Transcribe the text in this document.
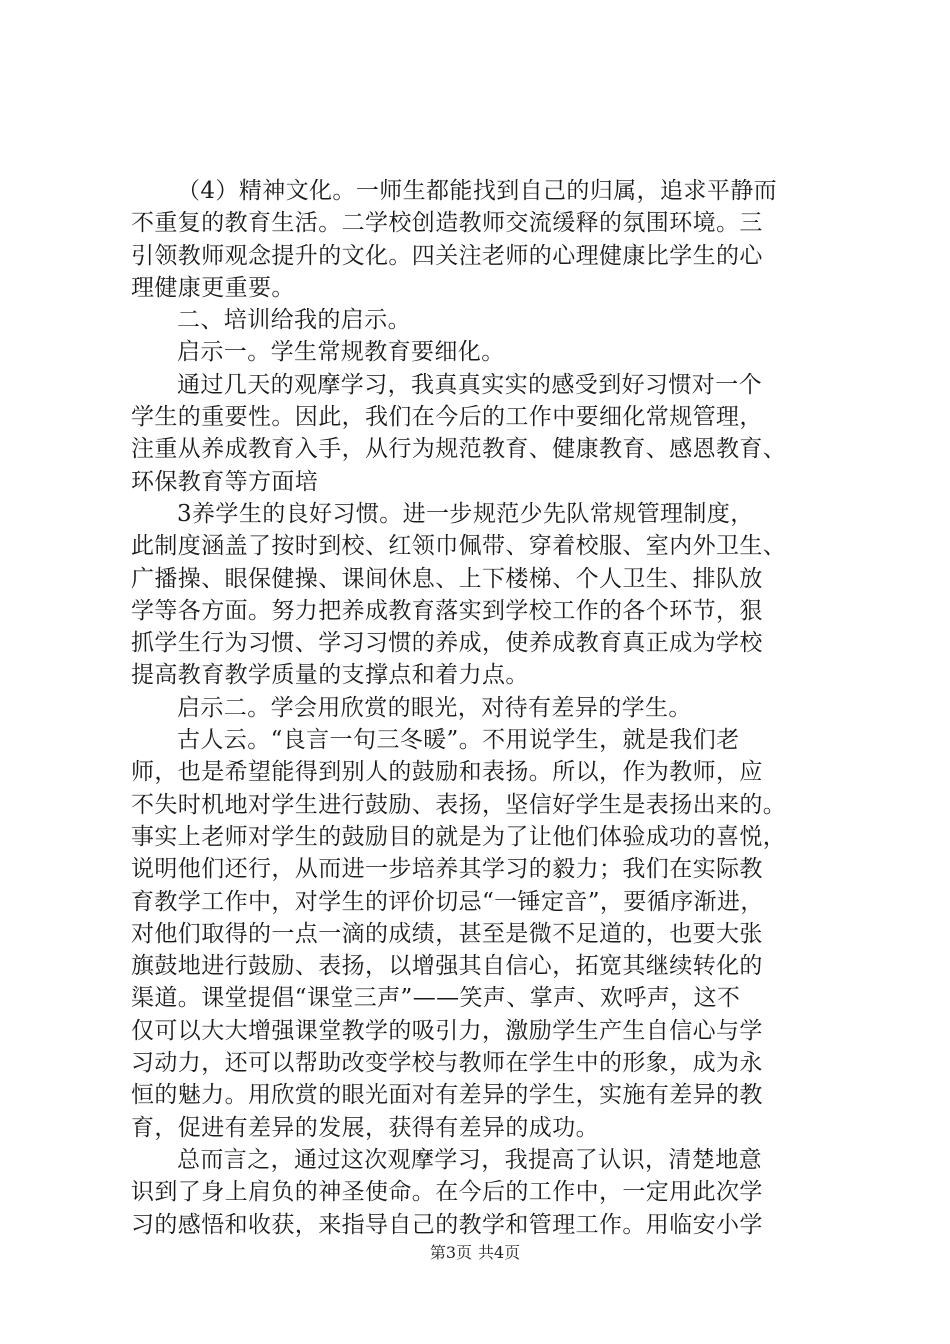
（4）精神文化。一师生都能找到自己的归属，追求平静而
不重复的教育生活。二学校创造教师交流缓释的氛围环境。三
引领教师观念提升的文化。四关注老师的心理健康比学生的心
理健康更重要。
二、培训给我的启示。
启示一。学生常规教育要细化。
通过几天的观摩学习，我真真实实的感受到好习惯对一个
学生的重要性。因此，我们在今后的工作中要细化常规管理，
注重从养成教育入手，从行为规范教育、健康教育、感恩教育、
环保教育等方面培
3养学生的良好习惯。进一步规范少先队常规管理制度，
此制度涵盖了按时到校、红领巾佩带、穿着校服、室内外卫生、
广播操、眼保健操、课间休息、上下楼梯、个人卫生、排队放
学等各方面。努力把养成教育落实到学校工作的各个环节，狠
抓学生行为习惯、学习习惯的养成，使养成教育真正成为学校
提高教育教学质量的支撑点和着力点。
启示二。学会用欣赏的眼光，对待有差异的学生。
古人云。“良言一句三冬暖”。不用说学生，就是我们老
师，也是希望能得到别人的鼓励和表扬。所以，作为教师，应
不失时机地对学生进行鼓励、表扬，坚信好学生是表扬出来的。
事实上老师对学生的鼓励目的就是为了让他们体验成功的喜悦，
说明他们还行，从而进一步培养其学习的毅力；我们在实际教
育教学工作中，对学生的评价切忌“一锤定音”，要循序渐进，
对他们取得的一点一滴的成绩，甚至是微不足道的，也要大张
旗鼓地进行鼓励、表扬，以增强其自信心，拓宽其继续转化的
渠道。课堂提倡“课堂三声”——笑声、掌声、欢呼声，这不
仅可以大大增强课堂教学的吸引力，激励学生产生自信心与学
习动力，还可以帮助改变学校与教师在学生中的形象，成为永
恒的魅力。用欣赏的眼光面对有差异的学生，实施有差异的教
育，促进有差异的发展，获得有差异的成功。
总而言之，通过这次观摩学习，我提高了认识，清楚地意
识到了身上肩负的神圣使命。在今后的工作中，一定用此次学
习的感悟和收获，来指导自己的教学和管理工作。用临安小学
第3页 共4页
